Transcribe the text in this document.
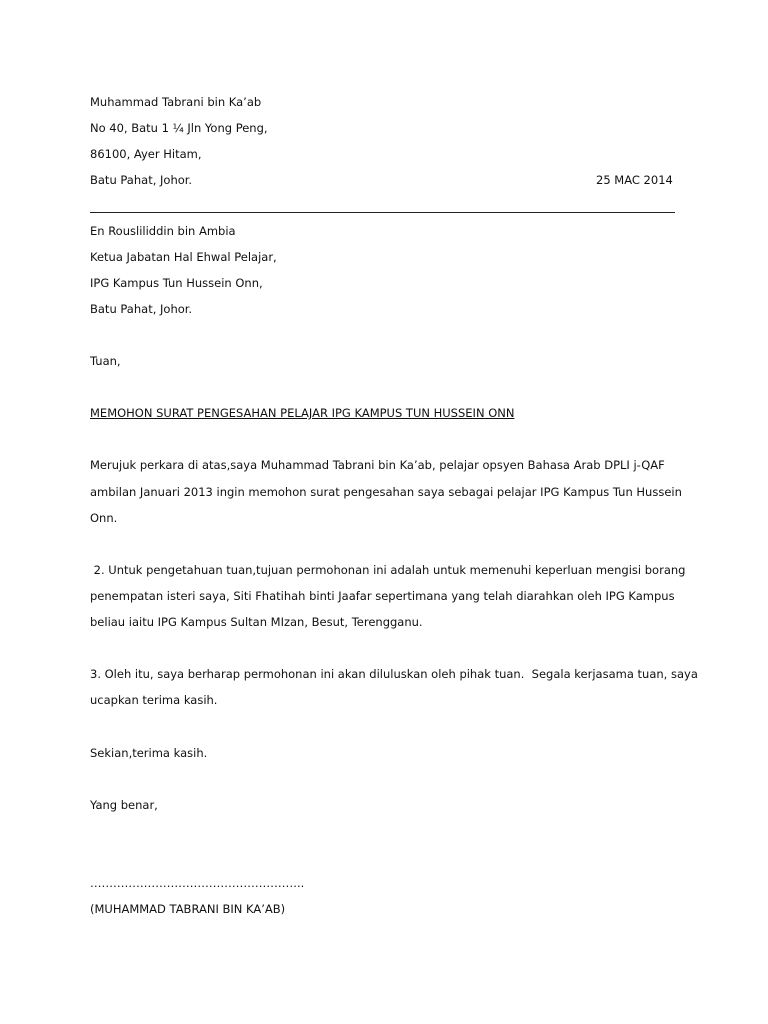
Muhammad Tabrani bin Ka’ab
No 40, Batu 1 ¼ Jln Yong Peng,
86100, Ayer Hitam,
Batu Pahat, Johor.	25 MAC 2014
En Rousliliddin bin Ambia
Ketua Jabatan Hal Ehwal Pelajar,
IPG Kampus Tun Hussein Onn,
Batu Pahat, Johor.
Tuan,
MEMOHON SURAT PENGESAHAN PELAJAR IPG KAMPUS TUN HUSSEIN ONN
Merujuk perkara di atas,saya Muhammad Tabrani bin Ka’ab, pelajar opsyen Bahasa Arab DPLI j-QAF
ambilan Januari 2013 ingin memohon surat pengesahan saya sebagai pelajar IPG Kampus Tun Hussein
Onn.
2. Untuk pengetahuan tuan,tujuan permohonan ini adalah untuk memenuhi keperluan mengisi borang
penempatan isteri saya, Siti Fhatihah binti Jaafar sepertimana yang telah diarahkan oleh IPG Kampus
beliau iaitu IPG Kampus Sultan MIzan, Besut, Terengganu.
3. Oleh itu, saya berharap permohonan ini akan diluluskan oleh pihak tuan.  Segala kerjasama tuan, saya
ucapkan terima kasih.
Sekian,terima kasih.
Yang benar,
………………………………………………..
(MUHAMMAD TABRANI BIN KA’AB)
